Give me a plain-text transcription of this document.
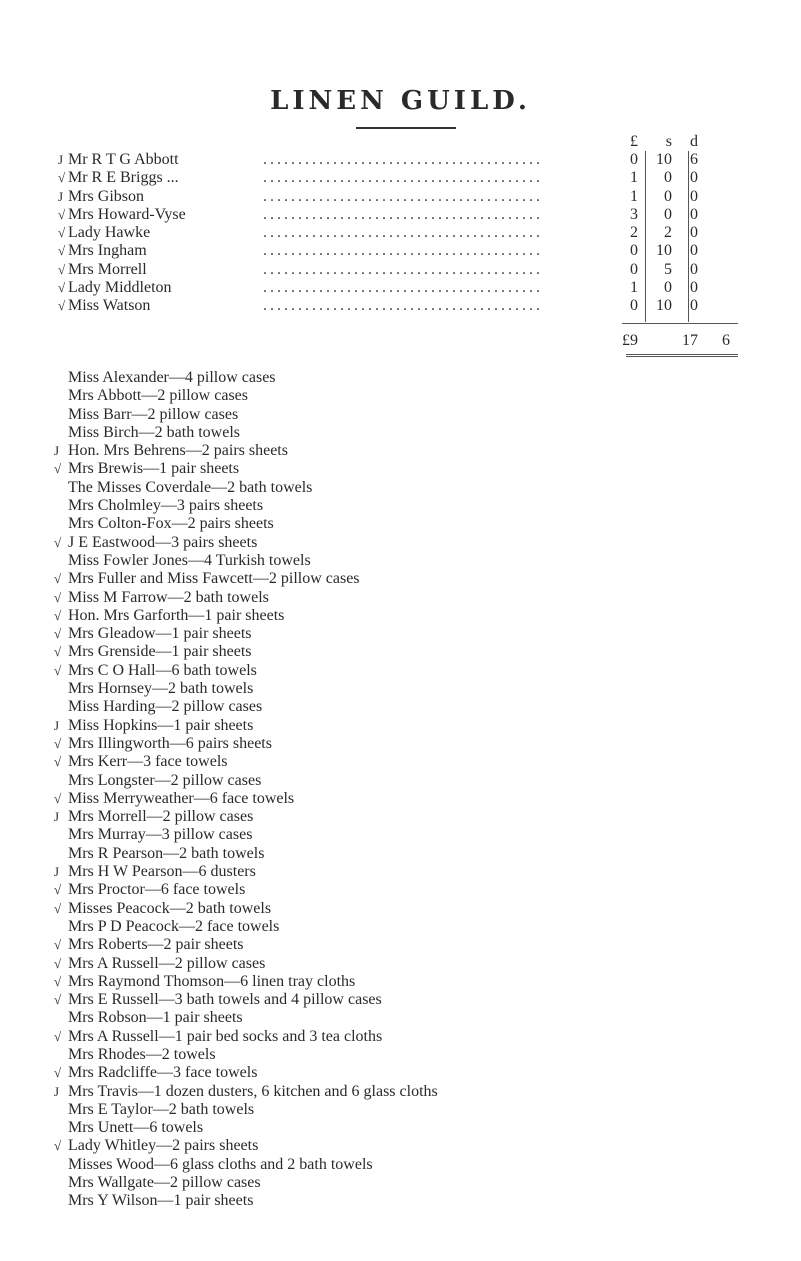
LINEN GUILD.
£	s	d
J Mr R T G Abbott	........................................	0	10	6
√ Mr R E Briggs ...	........................................	1	0	0
J Mrs Gibson	........................................	1	0	0
√ Mrs Howard-Vyse	........................................	3	0	0
√ Lady Hawke	........................................	2	2	0
√ Mrs Ingham	........................................	0	10	0
√ Mrs Morrell	........................................	0	5	0
√ Lady Middleton	........................................	1	0	0
√ Miss Watson	........................................	0	10	0
£9	17	6
Miss Alexander—4 pillow cases
Mrs Abbott—2 pillow cases
Miss Barr—2 pillow cases
Miss Birch—2 bath towels
J Hon. Mrs Behrens—2 pairs sheets
√ Mrs Brewis—1 pair sheets
The Misses Coverdale—2 bath towels
Mrs Cholmley—3 pairs sheets
Mrs Colton-Fox—2 pairs sheets
√ J E Eastwood—3 pairs sheets
Miss Fowler Jones—4 Turkish towels
√ Mrs Fuller and Miss Fawcett—2 pillow cases
√ Miss M Farrow—2 bath towels
√ Hon. Mrs Garforth—1 pair sheets
√ Mrs Gleadow—1 pair sheets
√ Mrs Grenside—1 pair sheets
√ Mrs C O Hall—6 bath towels
Mrs Hornsey—2 bath towels
Miss Harding—2 pillow cases
J Miss Hopkins—1 pair sheets
√ Mrs Illingworth—6 pairs sheets
√ Mrs Kerr—3 face towels
Mrs Longster—2 pillow cases
√ Miss Merryweather—6 face towels
J Mrs Morrell—2 pillow cases
Mrs Murray—3 pillow cases
Mrs R Pearson—2 bath towels
J Mrs H W Pearson—6 dusters
√ Mrs Proctor—6 face towels
√ Misses Peacock—2 bath towels
Mrs P D Peacock—2 face towels
√ Mrs Roberts—2 pair sheets
√ Mrs A Russell—2 pillow cases
√ Mrs Raymond Thomson—6 linen tray cloths
√ Mrs E Russell—3 bath towels and 4 pillow cases
Mrs Robson—1 pair sheets
√ Mrs A Russell—1 pair bed socks and 3 tea cloths
Mrs Rhodes—2 towels
√ Mrs Radcliffe—3 face towels
J Mrs Travis—1 dozen dusters, 6 kitchen and 6 glass cloths
Mrs E Taylor—2 bath towels
Mrs Unett—6 towels
√ Lady Whitley—2 pairs sheets
Misses Wood—6 glass cloths and 2 bath towels
Mrs Wallgate—2 pillow cases
Mrs Y Wilson—1 pair sheets
